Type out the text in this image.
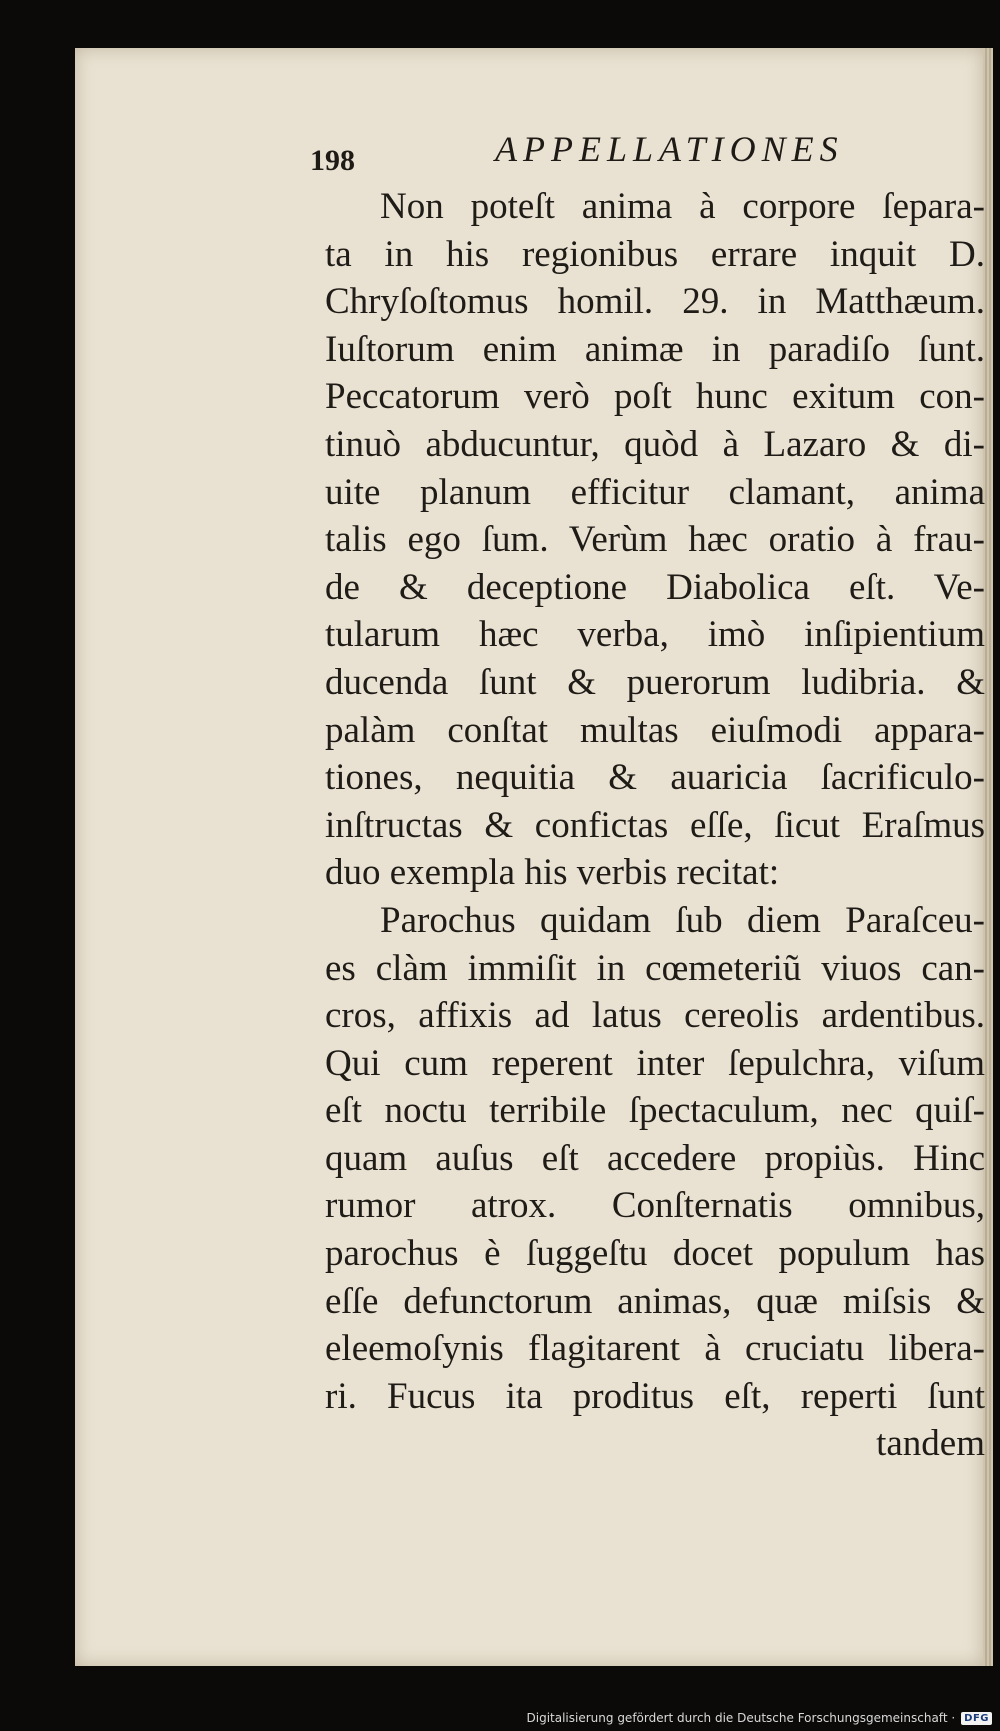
198	APPELLATIONES
Non poteſt anima à corpore ſepara-
ta in his regionibus errare inquit D.
Chryſoſtomus homil. 29. in Matthæum.
Iuſtorum enim animæ in paradiſo ſunt.
Peccatorum verò poſt hunc exitum con-
tinuò abducuntur, quòd à Lazaro & di-
uite planum efficitur clamant, anima
talis ego ſum. Verùm hæc oratio à frau-
de & deceptione Diabolica eſt. Ve-
tularum hæc verba, imò inſipientium
ducenda ſunt & puerorum ludibria. &
palàm conſtat multas eiuſmodi appara-
tiones, nequitia & auaricia ſacrificulo-
inſtructas & confictas eſſe, ſicut Eraſmus
duo exempla his verbis recitat:
Parochus quidam ſub diem Paraſceu-
es clàm immiſit in cœmeteriũ viuos can-
cros, affixis ad latus cereolis ardentibus.
Qui cum reperent inter ſepulchra, viſum
eſt noctu terribile ſpectaculum, nec quiſ-
quam auſus eſt accedere propiùs. Hinc
rumor atrox. Conſternatis omnibus,
parochus è ſuggeſtu docet populum has
eſſe defunctorum animas, quæ miſsis &
eleemoſynis flagitarent à cruciatu libera-
ri. Fucus ita proditus eſt, reperti ſunt
tandem
Digitalisierung gefördert durch die Deutsche Forschungsgemeinschaft · DFG
